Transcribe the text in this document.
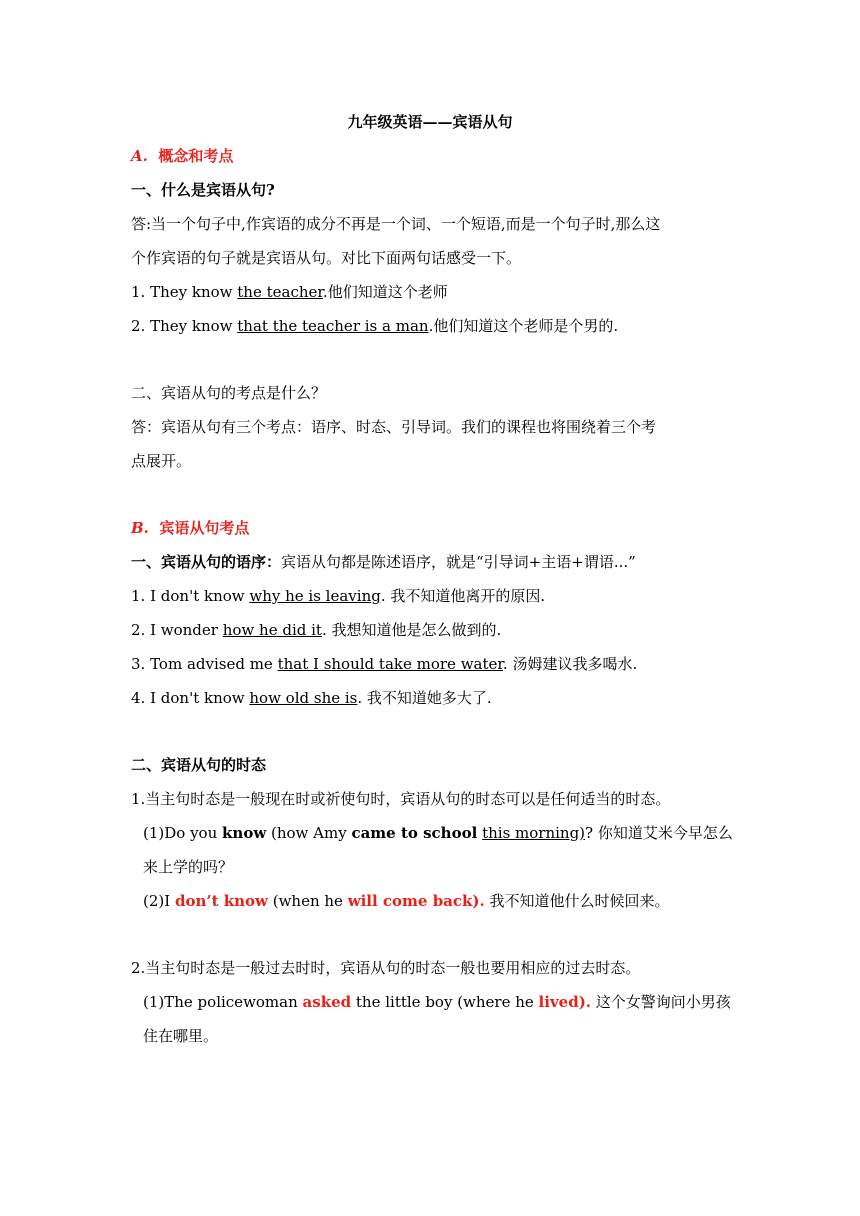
九年级英语——宾语从句
A. 概念和考点
一、什么是宾语从句?
答:当一个句子中,作宾语的成分不再是一个词、一个短语,而是一个句子时,那么这
个作宾语的句子就是宾语从句。对比下面两句话感受一下。
1. They know the teacher.他们知道这个老师
2. They know that the teacher is a man.他们知道这个老师是个男的.
二、宾语从句的考点是什么？
答：宾语从句有三个考点：语序、时态、引导词。我们的课程也将围绕着三个考
点展开。
B. 宾语从句考点
一、宾语从句的语序：宾语从句都是陈述语序，就是“引导词+主语+谓语...”
1. I don't know why he is leaving. 我不知道他离开的原因.
2. I wonder how he did it. 我想知道他是怎么做到的.
3. Tom advised me that I should take more water. 汤姆建议我多喝水.
4. I don't know how old she is. 我不知道她多大了.
二、宾语从句的时态
1.当主句时态是一般现在时或祈使句时，宾语从句的时态可以是任何适当的时态。
(1)Do you know (how Amy came to school this morning)? 你知道艾米今早怎么
来上学的吗？
(2)I don’t know (when he will come back). 我不知道他什么时候回来。
2.当主句时态是一般过去时时，宾语从句的时态一般也要用相应的过去时态。
(1)The policewoman asked the little boy (where he lived). 这个女警询问小男孩
住在哪里。
